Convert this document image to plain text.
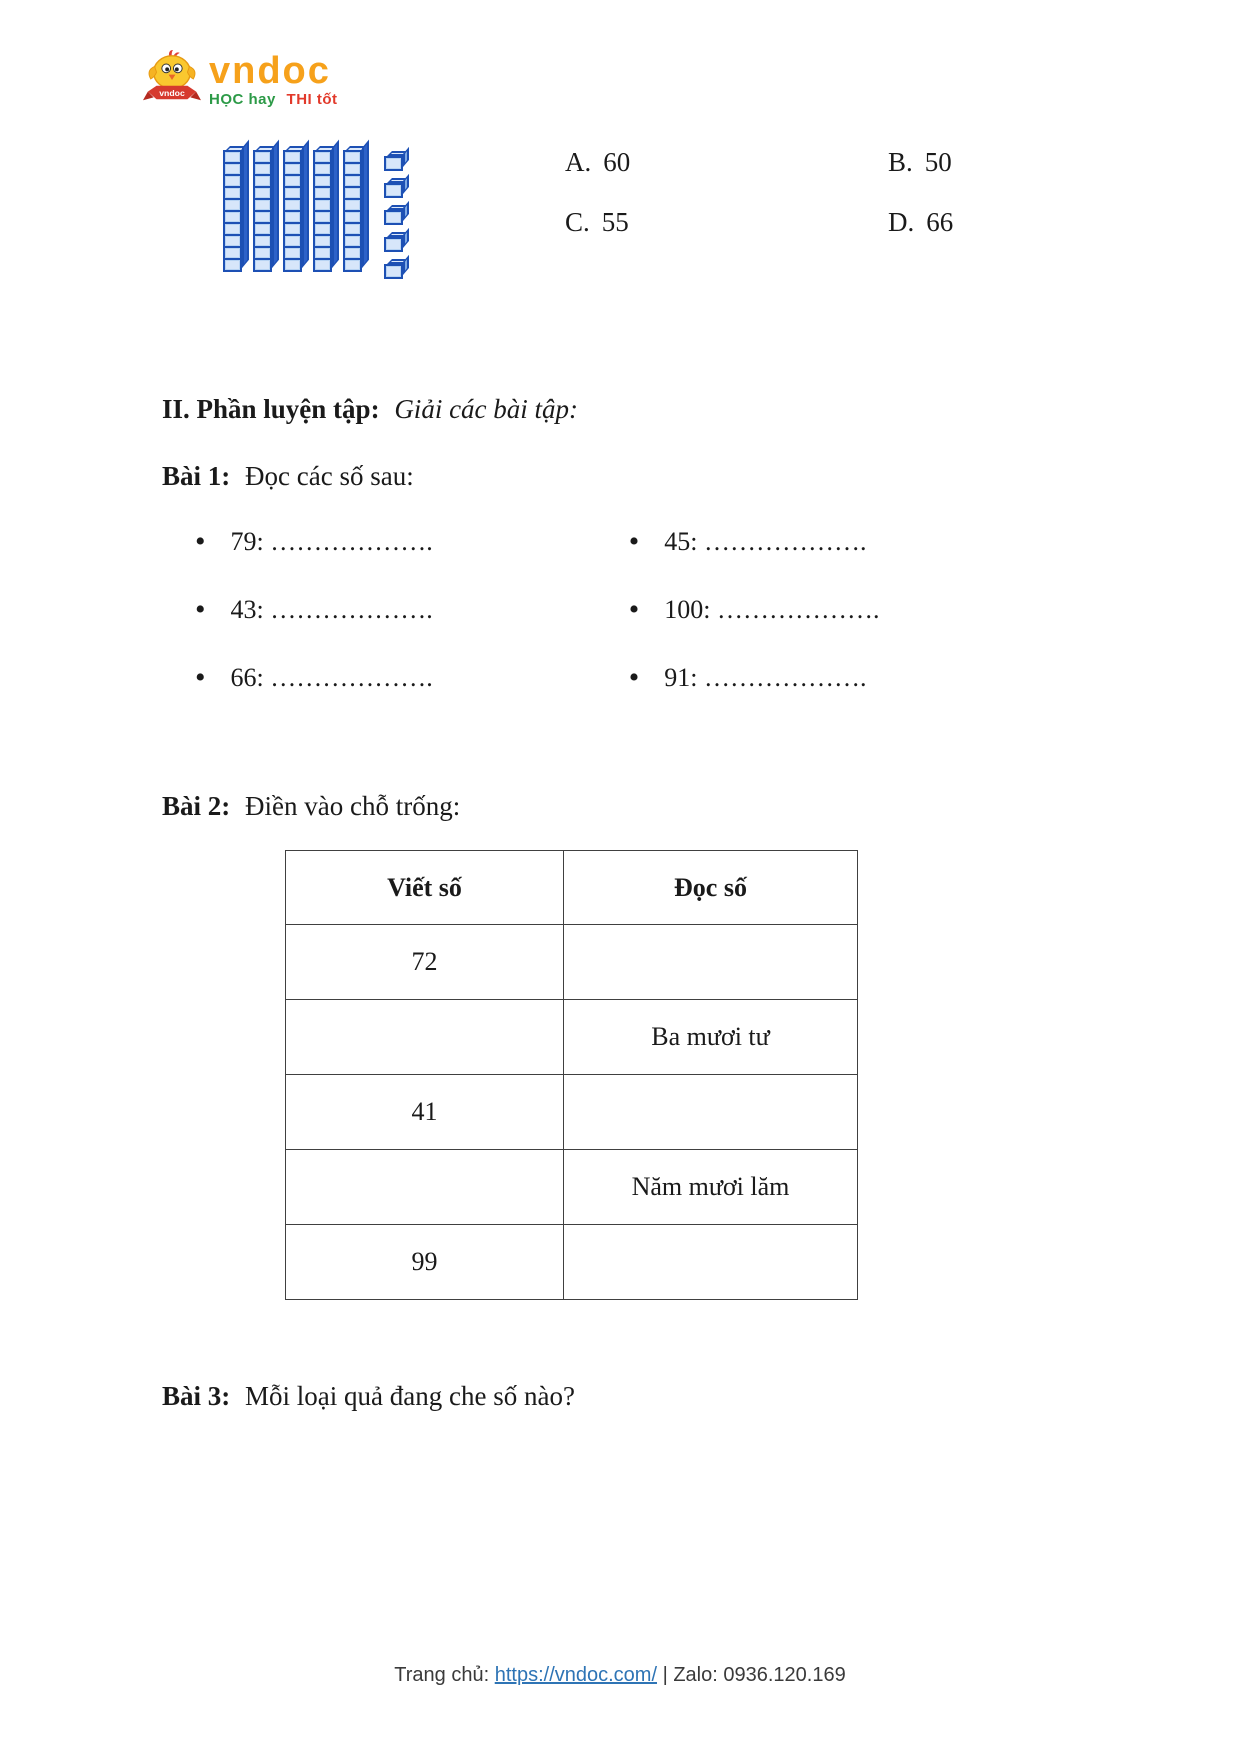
vndoc
vndoc
HỌC hay THI tốt
A. 60	B. 50
C. 55	D. 66
II. Phần luyện tập: Giải các bài tập:
Bài 1: Đọc các số sau:
• 79: ……………….
• 43: ……………….
• 66: ……………….
• 45: ……………….
• 100: ……………….
• 91: ……………….
Bài 2: Điền vào chỗ trống:
Viết số	Đọc số
72	
	Ba mươi tư
41	
	Năm mươi lăm
99	
Bài 3: Mỗi loại quả đang che số nào?
Trang chủ: https://vndoc.com/ | Zalo: 0936.120.169
